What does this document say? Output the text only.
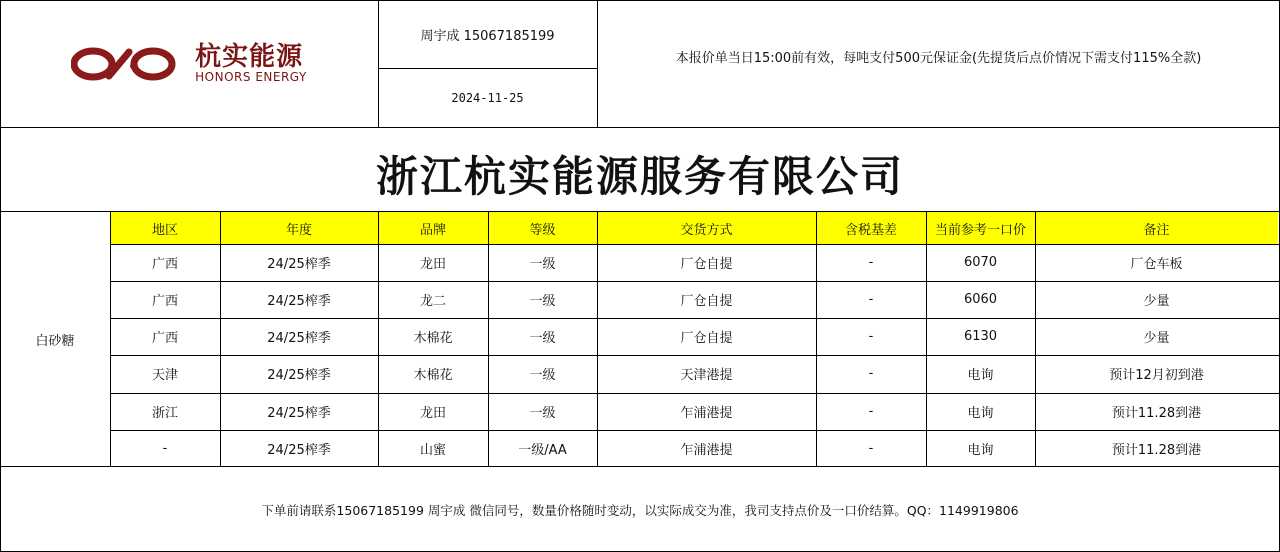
杭实能源
HONORS ENERGY
周宇成 15067185199
2024-11-25
本报价单当日15:00前有效，每吨支付500元保证金(先提货后点价情况下需支付115%全款)
浙江杭实能源服务有限公司
白砂糖
地区	年度	品牌	等级	交货方式	含税基差	当前参考一口价	备注
广西	24/25榨季	龙田	一级	厂仓自提	-	6070	厂仓车板
广西	24/25榨季	龙二	一级	厂仓自提	-	6060	少量
广西	24/25榨季	木棉花	一级	厂仓自提	-	6130	少量
天津	24/25榨季	木棉花	一级	天津港提	-	电询	预计12月初到港
浙江	24/25榨季	龙田	一级	乍浦港提	-	电询	预计11.28到港
-	24/25榨季	山蜜	一级/AA	乍浦港提	-	电询	预计11.28到港
下单前请联系15067185199 周宇成 微信同号，数量价格随时变动，以实际成交为准，我司支持点价及一口价结算。QQ：1149919806
